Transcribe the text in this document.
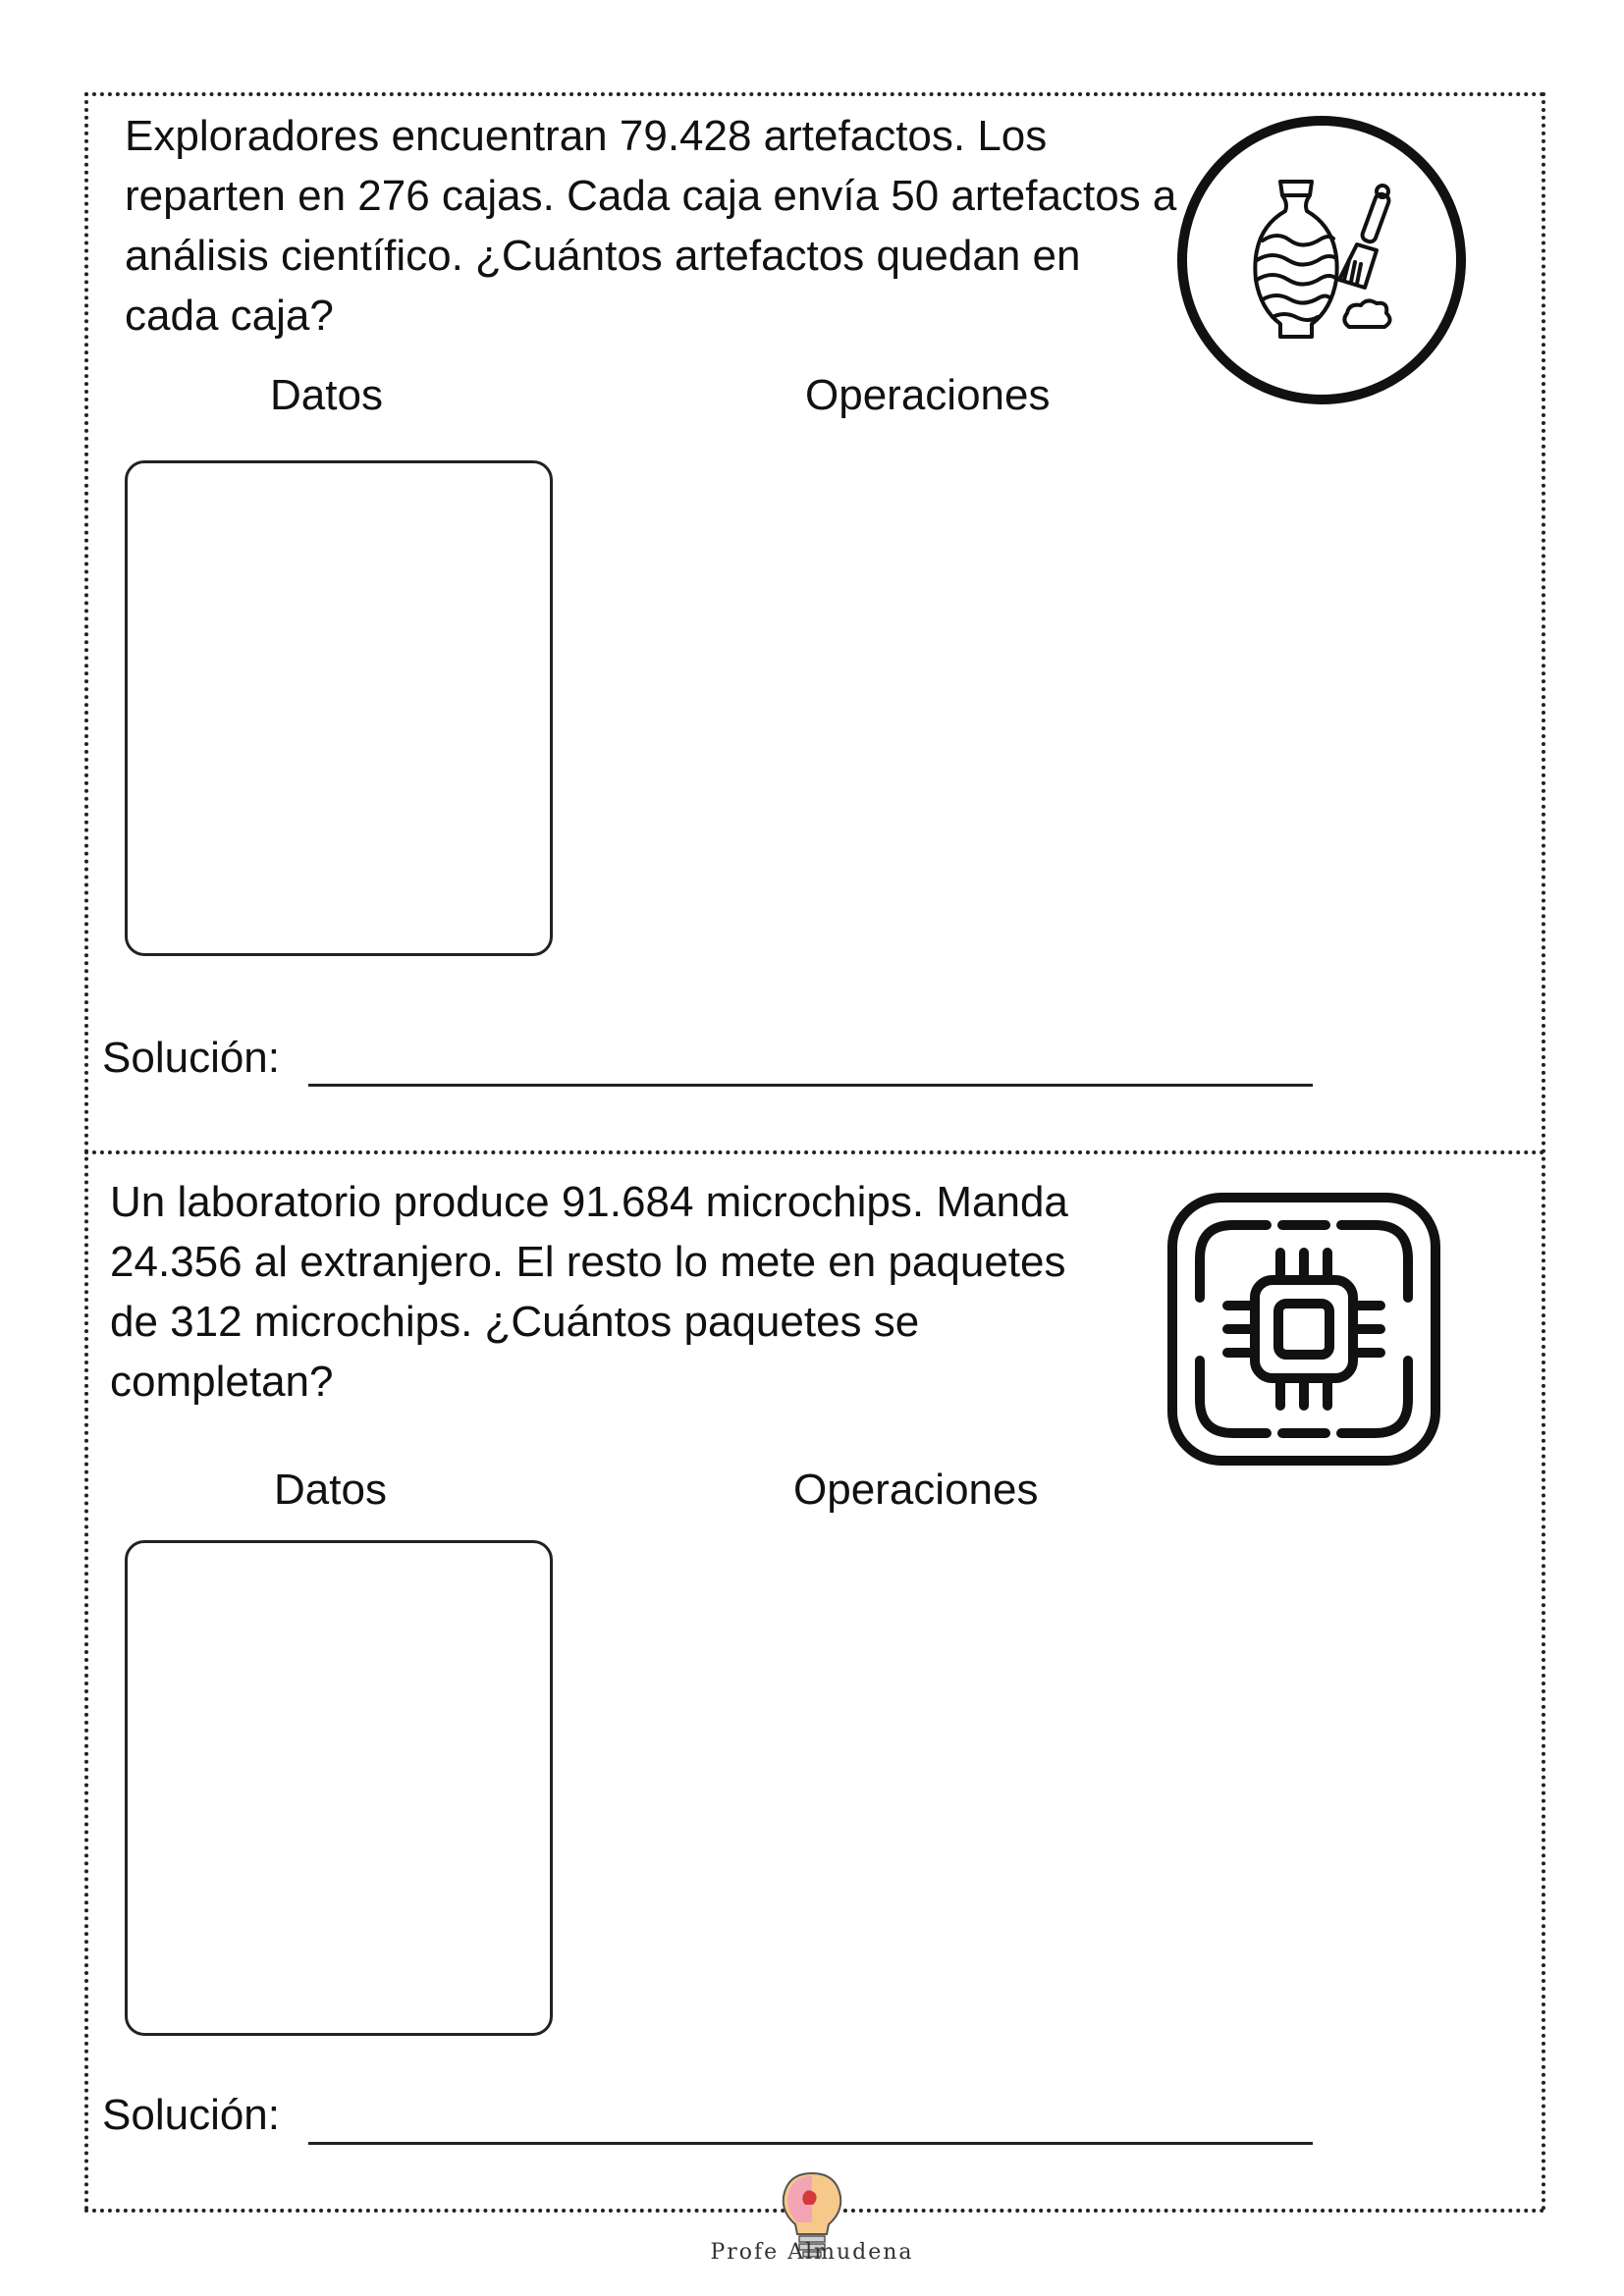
Exploradores encuentran 79.428 artefactos. Los reparten en 276 cajas. Cada caja envía 50 artefactos a análisis científico. ¿Cuántos artefactos quedan en cada caja?

Datos	Operaciones
Solución:

Un laboratorio produce 91.684 microchips. Manda 24.356 al extranjero. El resto lo mete en paquetes de 312 microchips. ¿Cuántos paquetes se completan?

Datos	Operaciones
Solución:
Profe Almudena
